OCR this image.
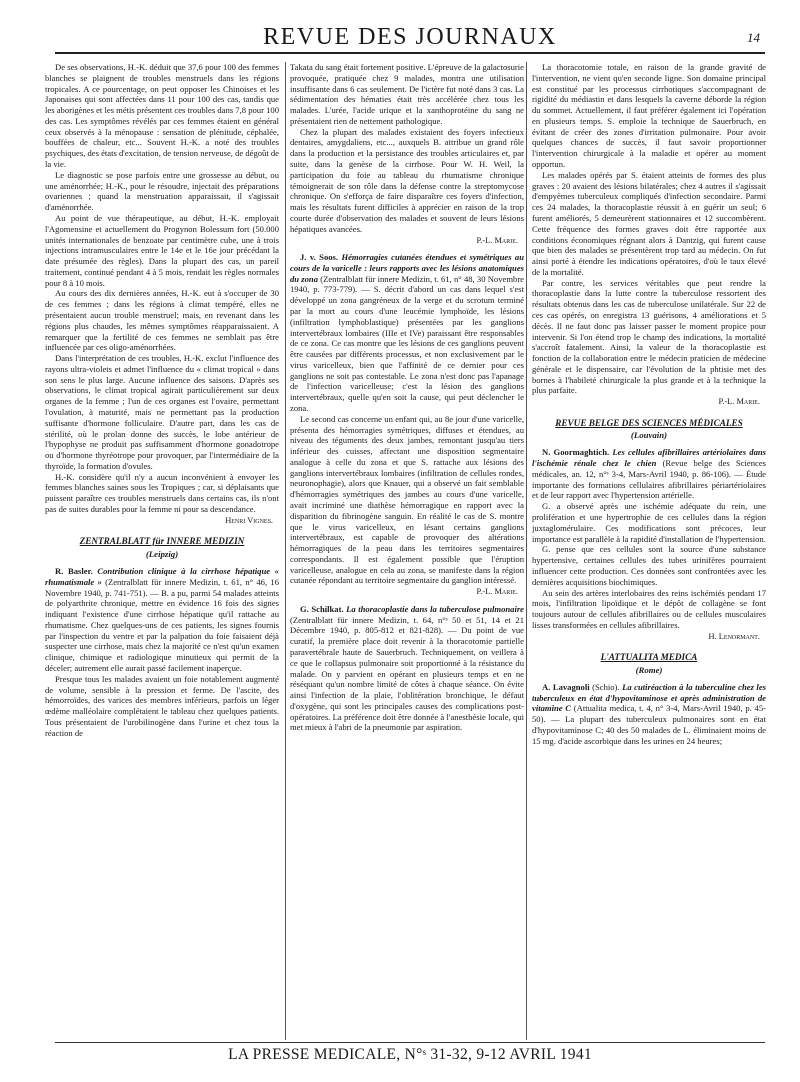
REVUE DES JOURNAUX	14

De ses observations, H.-K. déduit que 37,6 pour 100 des femmes blanches se plaignent de troubles menstruels dans les régions tropicales. A ce pourcentage, on peut opposer les Chinoises et les Japonaises qui sont affectées dans 11 pour 100 des cas, tandis que les aborigènes et les métis présentent ces troubles dans 7,8 pour 100 des cas. Les symptômes révélés par ces femmes étaient en général ceux observés à la ménopause : sensation de plénitude, céphalée, bouffées de chaleur, etc... Souvent H.-K. a noté des troubles psychiques, des états d'excitation, de tension nerveuse, de dégoût de la vie.

Le diagnostic se pose parfois entre une grossesse au début, ou une aménorrhée; H.-K., pour le résoudre, injectait des préparations ovariennes ; quand la menstruation apparaissait, il s'agissait d'aménorrhée.

Au point de vue thérapeutique, au début, H.-K. employait l'Agomensine et actuellement du Progynon Bolessum fort (50.000 unités internationales de benzoate par centimètre cube, une à trois injections intramusculaires entre le 14e et le 16e jour précédant la date présumée des règles). Dans la plupart des cas, un pareil traitement, continué pendant 4 à 5 mois, rendait les règles normales pour 8 à 10 mois.

Au cours des dix dernières années, H.-K. eut à s'occuper de 30 de ces femmes ; dans les régions à climat tempéré, elles ne présentaient aucun trouble menstruel; mais, en revenant dans les régions plus chaudes, les mêmes symptômes réapparaissaient. A remarquer que la fertilité de ces femmes ne semblait pas être influencée par ces oligo-aménorrhées.

Dans l'interprétation de ces troubles, H.-K. exclut l'influence des rayons ultra-violets et admet l'influence du « climat tropical » dans son sens le plus large. Aucune influence des saisons. D'après ses observations, le climat tropical agirait particulièrement sur deux organes de la femme ; l'un de ces organes est l'ovaire, permettant l'ovulation, à maturité, mais ne permettant pas la production suffisante d'hormone folliculaire. D'autre part, dans les cas de stérilité, où le prolan donne des succès, le lobe antérieur de l'hypophyse ne produit pas suffisamment d'hormone gonadotrope ou d'hormone thyréotrope pour provoquer, par l'intermédiaire de la thyroïde, la formation d'ovules.

H.-K. considère qu'il n'y a aucun inconvénient à envoyer les femmes blanches saines sous les Tropiques ; car, si déplaisants que puissent paraître ces troubles menstruels dans certains cas, ils n'ont pas de suites durables pour la femme ni pour sa descendance.

Henri Vignes.

ZENTRALBLATT für INNERE MEDIZIN

(Leipzig)

R. Basler. Contribution clinique à la cirrhose hépatique « rhumatismale » (Zentralblatt für innere Medizin, t. 61, n° 46, 16 Novembre 1940, p. 741-751). — B. a pu, parmi 54 malades atteints de polyarthrite chronique, mettre en évidence 16 fois des signes indiquant l'existence d'une cirrhose hépatique qu'il rattache au rhumatisme. Chez quelques-uns de ces patients, les signes fournis par l'inspection du ventre et par la palpation du foie faisaient déjà suspecter une cirrhose, mais chez la majorité ce n'est qu'un examen clinique, chimique et radiologique minutieux qui permit de la déceler; autrement elle aurait passé facilement inaperçue.

Presque tous les malades avaient un foie notablement augmenté de volume, sensible à la pression et ferme. De l'ascite, des hémorroïdes, des varices des membres inférieurs, parfois un léger œdème malléolaire complétaient le tableau chez quelques patients. Tous présentaient de l'urobilinogène dans l'urine et chez tous la réaction de

Takata du sang était fortement positive. L'épreuve de la galactosurie provoquée, pratiquée chez 9 malades, montra une utilisation insuffisante dans 6 cas seulement. De l'ictère fut noté dans 3 cas. La sédimentation des hématies était très accélérée chez tous les malades. L'urée, l'acide urique et la xanthoprotéine du sang ne présentaient rien de nettement pathologique.

Chez la plupart des malades existaient des foyers infectieux dentaires, amygdaliens, etc..., auxquels B. attribue un grand rôle dans la production et la persistance des troubles articulaires et, par suite, dans la genèse de la cirrhose. Pour W. H. Weil, la participation du foie au tableau du rhumatisme chronique témoignerait de son rôle dans la défense contre la streptomycose chronique. On s'efforça de faire disparaître ces foyers d'infection, mais les résultats furent difficiles à apprécier en raison de la trop courte durée d'observation des malades et souvent de leurs lésions hépatiques avancées.

P.-L. Marie.

J. v. Soos. Hémorragies cutanées étendues et symétriques au cours de la varicelle : leurs rapports avec les lésions anatomiques du zona (Zentralblatt für innere Medizin, t. 61, n° 48, 30 Novembre 1940, p. 773-779). — S. décrit d'abord un cas dans lequel s'est développé un zona gangréneux de la verge et du scrotum terminé par la mort au cours d'une leucémie lymphoïde, les lésions (infiltration lymphoblastique) présentées par les ganglions intervertébraux lombaires (IIIe et IVe) paraissant être responsables de ce zona. Ce cas montre que les lésions de ces ganglions peuvent être causées par différents processus, et non exclusivement par le virus varicelleux, bien que l'affinité de ce dernier pour ces ganglions ne soit pas contestable. Le zona n'est donc pas l'apanage de l'infection varicelleuse; c'est la lésion des ganglions intervertébraux, quelle qu'en soit la cause, qui peut déclencher le zona.

Le second cas concerne un enfant qui, au 8e jour d'une varicelle, présenta des hémorragies symétriques, diffuses et étendues, au niveau des téguments des deux jambes, remontant jusqu'au tiers inférieur des cuisses, affectant une disposition segmentaire analogue à celle du zona et que S. rattache aux lésions des ganglions intervertébraux lombaires (infiltration de cellules rondes, neuronophagie), alors que Knauer, qui a observé un fait semblable d'hémorragies symétriques des jambes au cours d'une varicelle, avait incriminé une diathèse hémorragique en rapport avec la disparition du fibrinogène sanguin. En réalité le cas de S. montre que le virus varicelleux, en lésant certains ganglions intervertébraux, est capable de provoquer des altérations hémorragiques de la peau dans les territoires segmentaires correspondants. Il est également possible que l'éruption varicelleuse, analogue en cela au zona, se manifeste dans la région cutanée répondant au territoire segmentaire du ganglion intéressé.

P.-L. Marie.

G. Schilkat. La thoracoplastie dans la tuberculose pulmonaire (Zentralblatt für innere Medizin, t. 64, n°ˢ 50 et 51, 14 et 21 Décembre 1940, p. 805-812 et 821-828). — Du point de vue curatif, la première place doit revenir à la thoracotomie partielle paravertébrale haute de Sauerbruch. Techniquement, on veillera à ce que le collapsus pulmonaire soit proportionné à la résistance du malade. On y parvient en opérant en plusieurs temps et en ne réséquant qu'un nombre limité de côtes à chaque séance. On évite ainsi l'infection de la plaie, l'oblitération bronchique, le défaut d'oxygène, qui sont les principales causes des complications post-opératoires. La préférence doit être donnée à l'anesthésie locale, qui met mieux à l'abri de la pneumonie par aspiration.

La thoracotomie totale, en raison de la grande gravité de l'intervention, ne vient qu'en seconde ligne. Son domaine principal est constitué par les processus cirrhotiques s'accompagnant de rigidité du médiastin et dans lesquels la caverne déborde la région du sommet. Actuellement, il faut préférer également ici l'opération en plusieurs temps. S. emploie la technique de Sauerbruch, en évitant de créer des zones d'irritation pulmonaire. Pour avoir quelques chances de succès, il faut savoir proportionner l'intervention chirurgicale à la maladie et opérer au moment opportun.

Les malades opérés par S. étaient atteints de formes des plus graves : 20 avaient des lésions bilatérales; chez 4 autres il s'agissait d'empyèmes tuberculeux compliqués d'infection secondaire. Parmi ces 24 malades, la thoracoplastie réussit à en guérir un seul; 6 furent améliorés, 5 demeurèrent stationnaires et 12 succombèrent. Cette fréquence des formes graves doit être rapportée aux conditions économiques régnant alors à Dantzig, qui furent cause que bien des malades se présentèrent trop tard au médecin. On fut ainsi porté à étendre les indications opératoires, d'où le taux élevé de la mortalité.

Par contre, les services véritables que peut rendre la thoracoplastie dans la lutte contre la tuberculose ressortent des résultats obtenus dans les cas de tuberculose unilatérale. Sur 22 de ces cas opérés, on enregistra 13 guérisons, 4 améliorations et 5 décès. Il ne faut donc pas laisser passer le moment propice pour intervenir. Si l'on étend trop le champ des indications, la mortalité s'accroît fatalement. Ainsi, la valeur de la thoracoplastie est fonction de la collaboration entre le médecin praticien de médecine générale et le dispensaire, car l'évolution de la phtisie met des bornes à l'habileté chirurgicale la plus grande et à la technique la plus parfaite.

P.-L. Marie.

REVUE BELGE DES SCIENCES MÉDICALES

(Louvain)

N. Goormaghtich. Les cellules afibrillaires artériolaires dans l'ischémie rénale chez le chien (Revue belge des Sciences médicales, an. 12, n°ˢ 3-4, Mars-Avril 1940, p. 86-106). — Étude importante des formations cellulaires afibrillaires périartériolaires et de leur rapport avec l'hypertension artérielle.

G. a observé après une ischémie adéquate du rein, une prolifération et une hypertrophie de ces cellules dans la région juxtaglomérulaire. Ces modifications sont précoces, leur importance est parallèle à la rapidité d'installation de l'hypertension.

G. pense que ces cellules sont la source d'une substance hypertensive, certaines cellules des tubes urinifères pourraient influencer cette production. Ces données sont confrontées avec les dernières acquisitions biochimiques.

Au sein des artères interlobaires des reins ischémiés pendant 17 mois, l'infiltration lipoïdique et le dépôt de collagène se font toujours autour de cellules afibrillaires ou de cellules musculaires lisses transformées en cellules afibrillaires.

H. Lenormant.

L'ATTUALITA MEDICA

(Rome)

A. Lavagnoli (Schio). La cutiréaction à la tuberculine chez les tuberculeux en état d'hypovitaminose et après administration de vitamine C (Attualita medica, t. 4, n° 3-4, Mars-Avril 1940, p. 45-50). — La plupart des tuberculeux pulmonaires sont en état d'hypovitaminose C; 40 des 50 malades de L. éliminaient moins de 15 mg. d'acide ascorbique dans les urines en 24 heures;

LA PRESSE MEDICALE, N°ˢ 31-32, 9-12 AVRIL 1941
